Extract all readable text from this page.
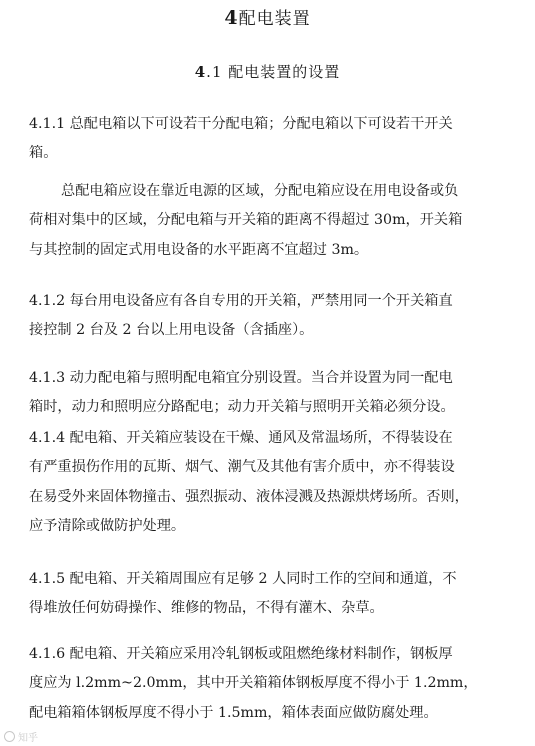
4配电装置
4.1 配电装置的设置

4.1.1 总配电箱以下可设若干分配电箱；分配电箱以下可设若干开关
箱。

总配电箱应设在靠近电源的区域，分配电箱应设在用电设备或负
荷相对集中的区域，分配电箱与开关箱的距离不得超过 30m，开关箱
与其控制的固定式用电设备的水平距离不宜超过 3m。

4.1.2 每台用电设备应有各自专用的开关箱，严禁用同一个开关箱直
接控制 2 台及 2 台以上用电设备（含插座）。

4.1.3 动力配电箱与照明配电箱宜分别设置。当合并设置为同一配电
箱时，动力和照明应分路配电；动力开关箱与照明开关箱必须分设。

4.1.4 配电箱、开关箱应装设在干燥、通风及常温场所，不得装设在
有严重损伤作用的瓦斯、烟气、潮气及其他有害介质中，亦不得装设
在易受外来固体物撞击、强烈振动、液体浸溅及热源烘烤场所。否则，
应予清除或做防护处理。

4.1.5 配电箱、开关箱周围应有足够 2 人同时工作的空间和通道，不
得堆放任何妨碍操作、维修的物品，不得有灌木、杂草。

4.1.6 配电箱、开关箱应采用冷轧钢板或阻燃绝缘材料制作，钢板厚
度应为 l.2mm~2.0mm，其中开关箱箱体钢板厚度不得小于 1.2mm，
配电箱箱体钢板厚度不得小于 1.5mm，箱体表面应做防腐处理。

知乎
